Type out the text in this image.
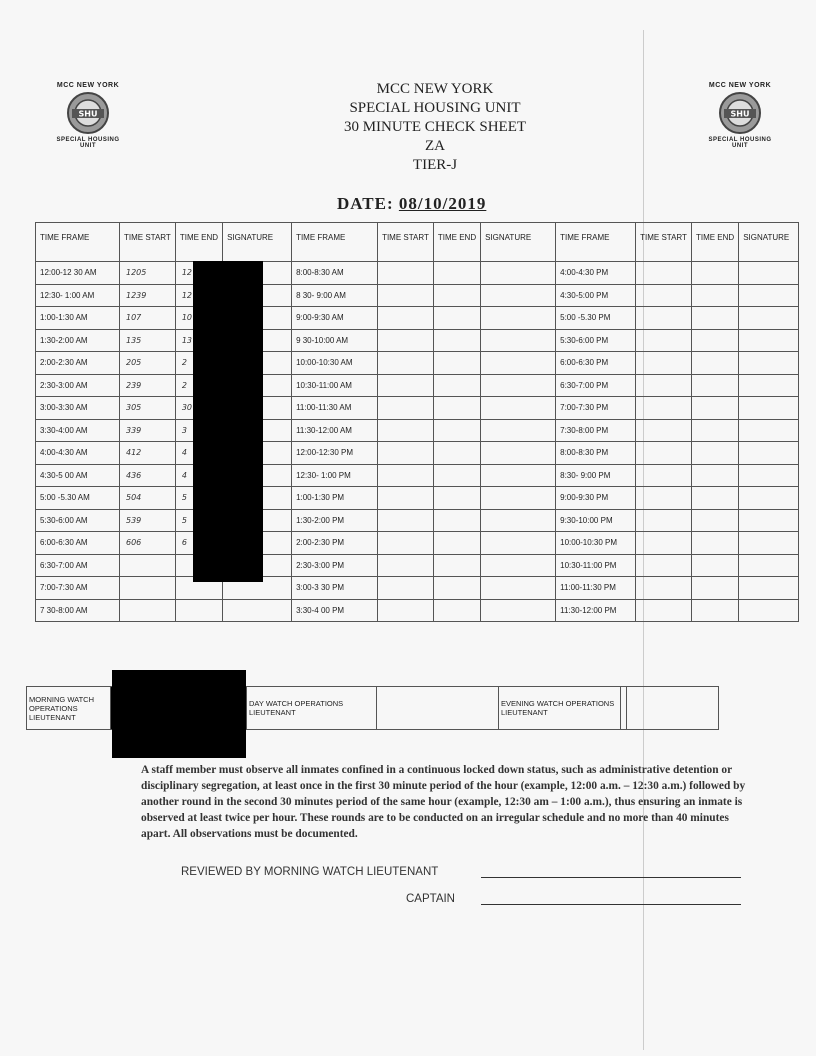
MCC NEW YORK
SHU
SPECIAL HOUSING UNIT
MCC NEW YORK
SHU
SPECIAL HOUSING UNIT
MCC NEW YORK
SPECIAL HOUSING UNIT
30 MINUTE CHECK SHEET
ZA
TIER-J
DATE: 08/10/2019
TIME FRAME	TIME START	TIME END	SIGNATURE	TIME FRAME	TIME START	TIME END	SIGNATURE	TIME FRAME	TIME START	TIME END	SIGNATURE
12:00-12 30 AM	1205	12		8:00-8:30 AM				4:00-4:30 PM			
12:30- 1:00 AM	1239	12		8 30- 9:00 AM				4:30-5:00 PM			
1:00-1:30 AM	107	10		9:00-9:30 AM				5:00 -5.30 PM			
1:30-2:00 AM	135	13		9 30-10:00 AM				5:30-6:00 PM			
2:00-2:30 AM	205	2		10:00-10:30 AM				6:00-6:30 PM			
2:30-3:00 AM	239	2		10:30-11:00 AM				6:30-7:00 PM			
3:00-3:30 AM	305	30		11:00-11:30 AM				7:00-7:30 PM			
3:30-4:00 AM	339	3		11:30-12:00 AM				7:30-8:00 PM			
4:00-4:30 AM	412	4		12:00-12:30 PM				8:00-8:30 PM			
4:30-5 00 AM	436	4		12:30- 1:00 PM				8:30- 9:00 PM			
5:00 -5.30 AM	504	5		1:00-1:30 PM				9:00-9:30 PM			
5:30-6:00 AM	539	5		1:30-2:00 PM				9:30-10:00 PM			
6:00-6:30 AM	606	6		2:00-2:30 PM				10:00-10:30 PM			
6:30-7:00 AM				2:30-3:00 PM				10:30-11:00 PM			
7:00-7:30 AM				3:00-3 30 PM				11:00-11:30 PM			
7 30-8:00 AM				3:30-4 00 PM				11:30-12:00 PM			
MORNING WATCH OPERATIONS LIEUTENANT		DAY WATCH OPERATIONS LIEUTENANT		EVENING WATCH OPERATIONS LIEUTENANT		
A staff member must observe all inmates confined in a continuous locked down status, such as administrative detention or disciplinary segregation, at least once in the first 30 minute period of the hour (example, 12:00 a.m. – 12:30 a.m.) followed by another round in the second 30 minutes period of the same hour (example, 12:30 am – 1:00 a.m.), thus ensuring an inmate is observed at least twice per hour. These rounds are to be conducted on an irregular schedule and no more than 40 minutes apart. All observations must be documented.
REVIEWED BY MORNING WATCH LIEUTENANT
CAPTAIN
